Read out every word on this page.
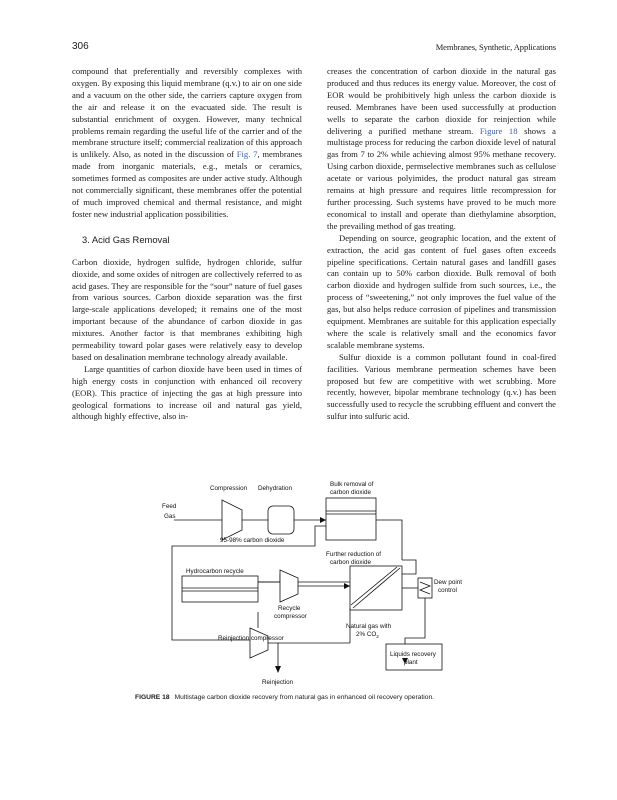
306	Membranes, Synthetic, Applications

compound that preferentially and reversibly complexes with oxygen. By exposing this liquid membrane (q.v.) to air on one side and a vacuum on the other side, the carriers capture oxygen from the air and release it on the evacuated side. The result is substantial enrichment of oxygen. However, many technical problems remain regarding the useful life of the carrier and of the membrane structure itself; commercial realization of this approach is unlikely. Also, as noted in the discussion of Fig. 7, membranes made from inorganic materials, e.g., metals or ceramics, sometimes formed as composites are under active study. Although not commercially significant, these membranes offer the potential of much improved chemical and thermal resistance, and might foster new industrial application possibilities.

3. Acid Gas Removal

Carbon dioxide, hydrogen sulfide, hydrogen chloride, sulfur dioxide, and some oxides of nitrogen are collectively referred to as acid gases. They are responsible for the “sour” nature of fuel gases from various sources. Carbon dioxide separation was the first large-scale applications developed; it remains one of the most important because of the abundance of carbon dioxide in gas mixtures. Another factor is that membranes exhibiting high permeability toward polar gases were relatively easy to develop based on desalination membrane technology already available.

Large quantities of carbon dioxide have been used in times of high energy costs in conjunction with enhanced oil recovery (EOR). This practice of injecting the gas at high pressure into geological formations to increase oil and natural gas yield, although highly effective, also in-

creases the concentration of carbon dioxide in the natural gas produced and thus reduces its energy value. Moreover, the cost of EOR would be prohibitively high unless the carbon dioxide is reused. Membranes have been used successfully at production wells to separate the carbon dioxide for reinjection while delivering a purified methane stream. Figure 18 shows a multistage process for reducing the carbon dioxide level of natural gas from 7 to 2% while achieving almost 95% methane recovery. Using carbon dioxide, permselective membranes such as cellulose acetate or various polyimides, the product natural gas stream remains at high pressure and requires little recompression for further processing. Such systems have proved to be much more economical to install and operate than diethylamine absorption, the prevailing method of gas treating.

Depending on source, geographic location, and the extent of extraction, the acid gas content of fuel gases often exceeds pipeline specifications. Certain natural gases and landfill gases can contain up to 50% carbon dioxide. Bulk removal of both carbon dioxide and hydrogen sulfide from such sources, i.e., the process of “sweetening,” not only improves the fuel value of the gas, but also helps reduce corrosion of pipelines and transmission equipment. Membranes are suitable for this application especially where the scale is relatively small and the economics favor scalable membrane systems.

Sulfur dioxide is a common pollutant found in coal-fired facilities. Various membrane permeation schemes have been proposed but few are competitive with wet scrubbing. More recently, however, bipolar membrane technology (q.v.) has been successfully used to recycle the scrubbing effluent and convert the sulfur into sulfuric acid.

Compression Dehydration
Feed
Gas
Bulk removal of
carbon dioxide
95-98% carbon dioxide
Further reduction of
carbon dioxide
Hydrocarbon recycle
Dew point
control
Recycle
compressor
Natural gas with
2% $CO_2$
Reinjection compressor
Liquids recovery
plant
Reinjection
FIGURE 18 Multistage carbon dioxide recovery from natural gas in enhanced oil recovery operation.
